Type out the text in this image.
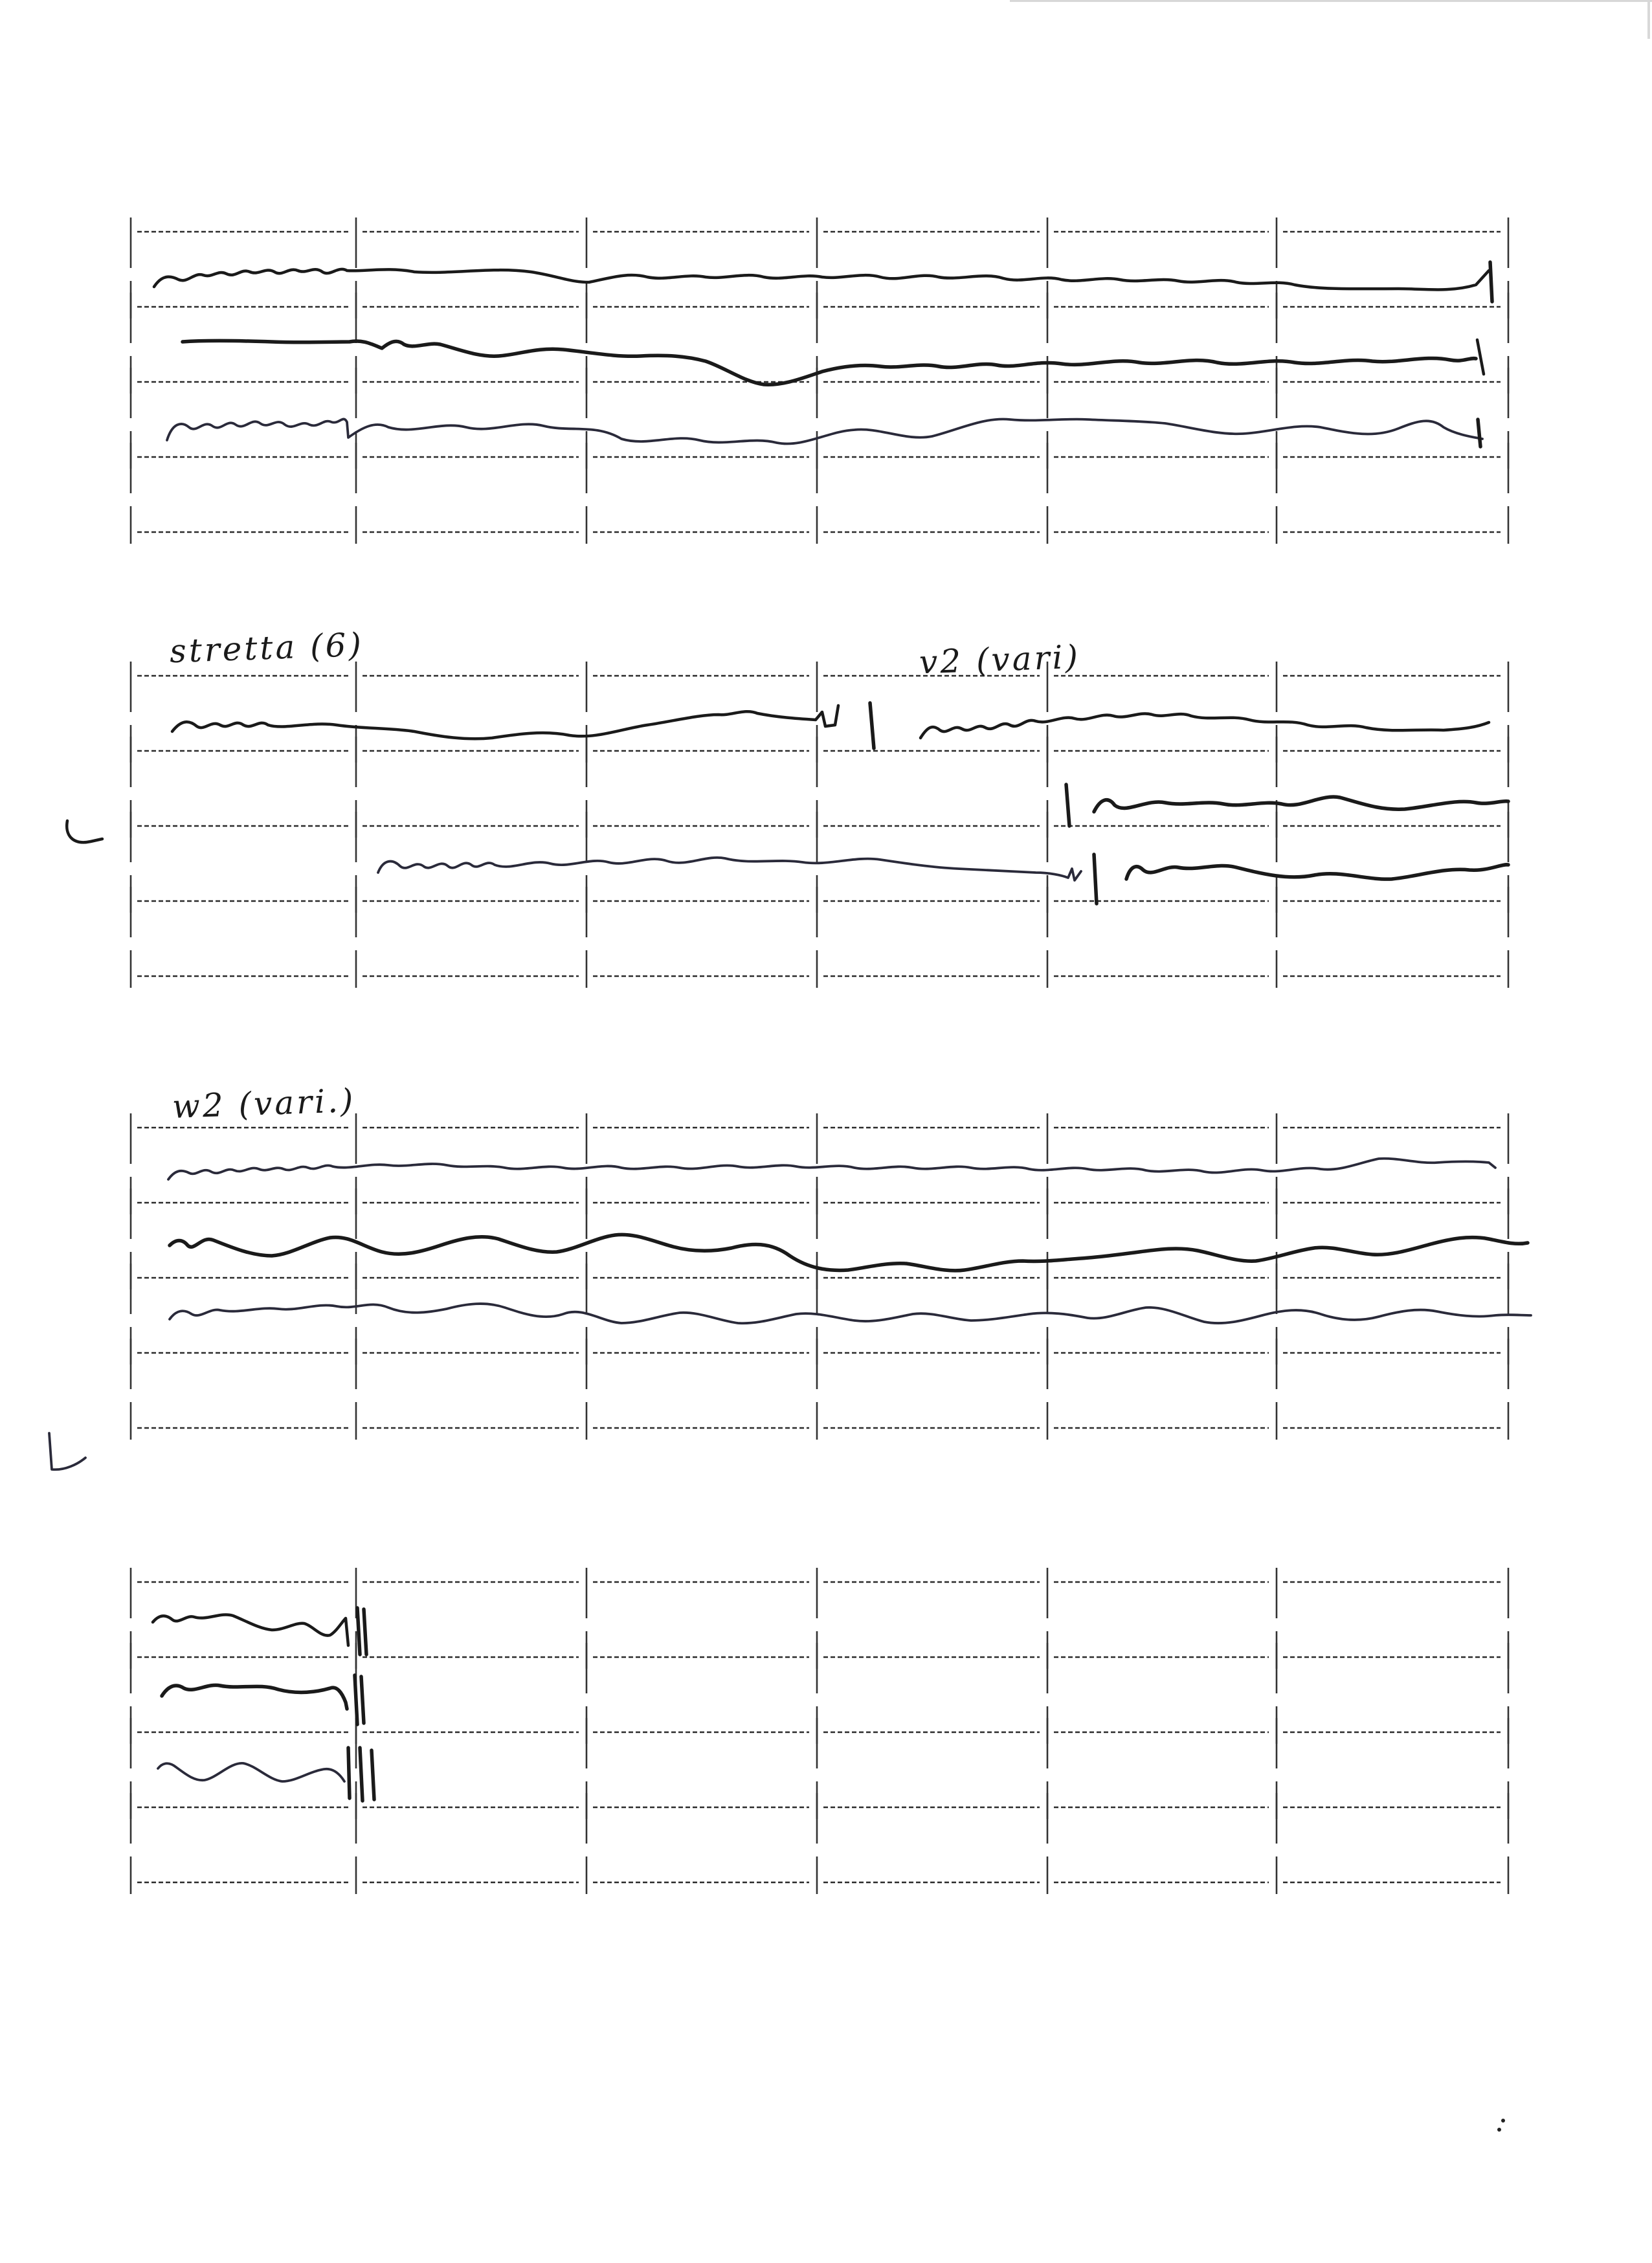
stretta (6)	v2 (vari)
w2 (vari.)
